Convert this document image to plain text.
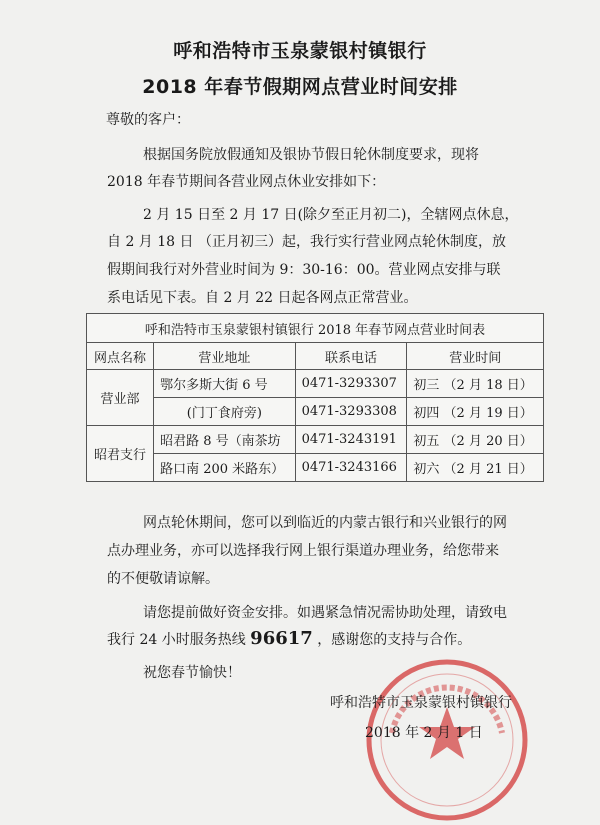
呼和浩特市玉泉蒙银村镇银行
2018 年春节假期网点营业时间安排
尊敬的客户：
根据国务院放假通知及银协节假日轮休制度要求，现将
2018 年春节期间各营业网点休业安排如下：
2 月 15 日至 2 月 17 日(除夕至正月初二)，全辖网点休息，
自 2 月 18 日 （正月初三）起，我行实行营业网点轮休制度，放
假期间我行对外营业时间为 9：30-16：00。营业网点安排与联
系电话见下表。自 2 月 22 日起各网点正常营业。
呼和浩特市玉泉蒙银村镇银行 2018 年春节网点营业时间表			
网点名称	营业地址	联系电话	营业时间
营业部	鄂尔多斯大街 6 号	0471-3293307	初三 （2 月 18 日）
	(门丁食府旁)	0471-3293308	初四 （2 月 19 日）
昭君支行	昭君路 8 号（南茶坊	0471-3243191	初五 （2 月 20 日）
	路口南 200 米路东）	0471-3243166	初六 （2 月 21 日）
网点轮休期间，您可以到临近的内蒙古银行和兴业银行的网
点办理业务，亦可以选择我行网上银行渠道办理业务，给您带来
的不便敬请谅解。
请您提前做好资金安排。如遇紧急情况需协助处理，请致电
我行 24 小时服务热线 96617 ，感谢您的支持与合作。
祝您春节愉快！
呼和浩特市玉泉蒙银村镇银行
2018 年 2 月 1 日
